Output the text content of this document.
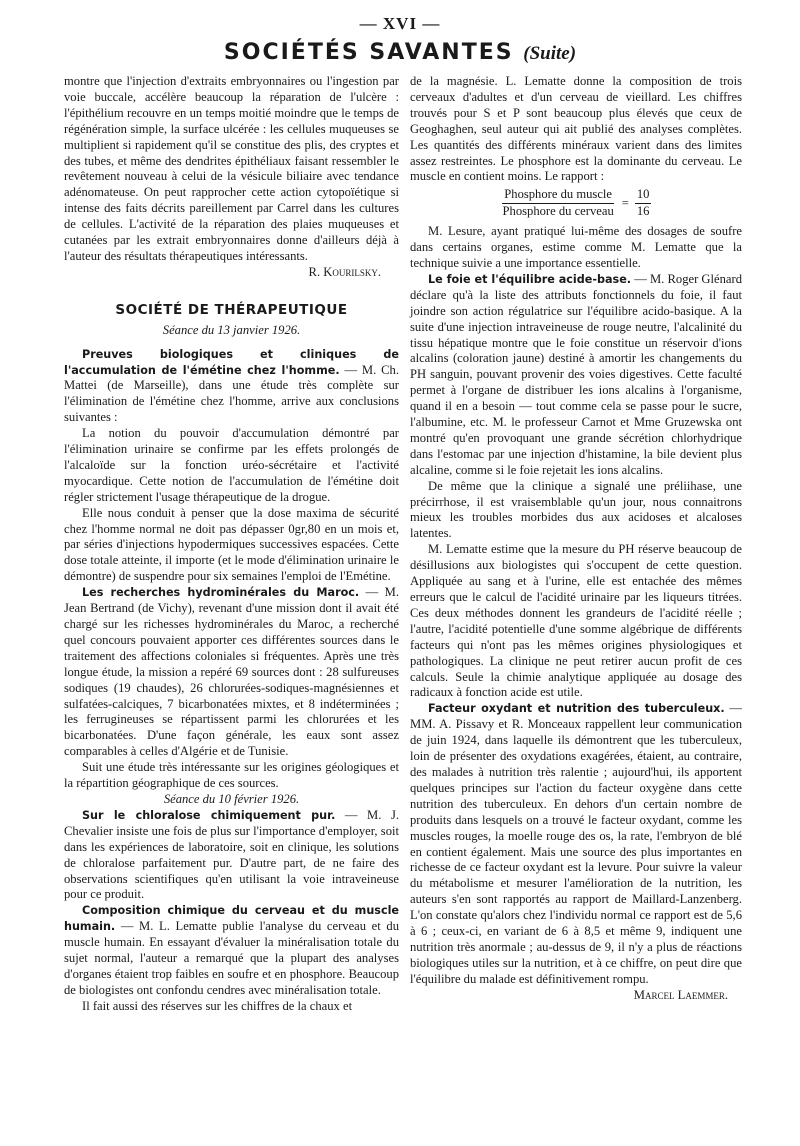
— XVI —
SOCIÉTÉS SAVANTES (Suite)

montre que l'injection d'extraits embryonnaires ou l'ingestion par voie buccale, accélère beaucoup la réparation de l'ulcère : l'épithélium recouvre en un temps moitié moindre que le temps de régénération simple, la surface ulcérée : les cellules muqueuses se multiplient si rapidement qu'il se constitue des plis, des cryptes et des tubes, et même des dendrites épithéliaux faisant ressembler le revêtement nouveau à celui de la vésicule biliaire avec tendance adénomateuse. On peut rapprocher cette action cytopoïétique si intense des faits décrits pareillement par Carrel dans les cultures de cellules. L'activité de la réparation des plaies muqueuses et cutanées par les extrait embryonnaires donne d'ailleurs déjà à l'auteur des résultats thérapeutiques intéressants.

R. Kourilsky.
SOCIÉTÉ DE THÉRAPEUTIQUE
Séance du 13 janvier 1926.

Preuves biologiques et cliniques de l'accumulation de l'émétine chez l'homme. — M. Ch. Mattei (de Marseille), dans une étude très complète sur l'élimination de l'émétine chez l'homme, arrive aux conclusions suivantes :

La notion du pouvoir d'accumulation démontré par l'élimination urinaire se confirme par les effets prolongés de l'alcaloïde sur la fonction uréo-sécrétaire et l'activité myocardique. Cette notion de l'accumulation de l'émétine doit régler strictement l'usage thérapeutique de la drogue.

Elle nous conduit à penser que la dose maxima de sécurité chez l'homme normal ne doit pas dépasser 0gr,80 en un mois et, par séries d'injections hypodermiques successives espacées. Cette dose totale atteinte, il importe (et le mode d'élimination urinaire le démontre) de suspendre pour six semaines l'emploi de l'Emétine.

Les recherches hydrominérales du Maroc. — M. Jean Bertrand (de Vichy), revenant d'une mission dont il avait été chargé sur les richesses hydrominérales du Maroc, a recherché quel concours pouvaient apporter ces différentes sources dans le traitement des affections coloniales si fréquentes. Après une très longue étude, la mission a repéré 69 sources dont : 28 sulfureuses sodiques (19 chaudes), 26 chlorurées-sodiques-magnésiennes et sulfatées-calciques, 7 bicarbonatées mixtes, et 8 indéterminées ; les ferrugineuses se répartissent parmi les chlorurées et les bicarbonatées. D'une façon générale, les eaux sont assez comparables à celles d'Algérie et de Tunisie.

Suit une étude très intéressante sur les origines géologiques et la répartition géographique de ces sources.

Séance du 10 février 1926.

Sur le chloralose chimiquement pur. — M. J. Chevalier insiste une fois de plus sur l'importance d'employer, soit dans les expériences de laboratoire, soit en clinique, les solutions de chloralose parfaitement pur. D'autre part, de ne faire des observations scientifiques qu'en utilisant la voie intraveineuse pour ce produit.

Composition chimique du cerveau et du muscle humain. — M. L. Lematte publie l'analyse du cerveau et du muscle humain. En essayant d'évaluer la minéralisation totale du sujet normal, l'auteur a remarqué que la plupart des analyses d'organes étaient trop faibles en soufre et en phosphore. Beaucoup de biologistes ont confondu cendres avec minéralisation totale.

Il fait aussi des réserves sur les chiffres de la chaux et

de la magnésie. L. Lematte donne la composition de trois cerveaux d'adultes et d'un cerveau de vieillard. Les chiffres trouvés pour S et P sont beaucoup plus élevés que ceux de Geoghaghen, seul auteur qui ait publié des analyses complètes. Les quantités des différents minéraux varient dans des limites assez restreintes. Le phosphore est la dominante du cerveau. Le muscle en contient moins. Le rapport :

Phosphore du muscle
Phosphore du cerveau
= $\frac{10}{16}$

M. Lesure, ayant pratiqué lui-même des dosages de soufre dans certains organes, estime comme M. Lematte que la technique suivie a une importance essentielle.

Le foie et l'équilibre acide-base. — M. Roger Glénard déclare qu'à la liste des attributs fonctionnels du foie, il faut joindre son action régulatrice sur l'équilibre acido-basique. A la suite d'une injection intraveineuse de rouge neutre, l'alcalinité du tissu hépatique montre que le foie constitue un réservoir d'ions alcalins (coloration jaune) destiné à amortir les changements du PH sanguin, pouvant provenir des voies digestives. Cette faculté permet à l'organe de distribuer les ions alcalins à l'organisme, quand il en a besoin — tout comme cela se passe pour le sucre, l'albumine, etc. M. le professeur Carnot et Mme Gruzewska ont montré qu'en provoquant une grande sécrétion chlorhydrique dans l'estomac par une injection d'histamine, la bile devient plus alcaline, comme si le foie rejetait les ions alcalins.

De même que la clinique a signalé une préliihase, une précirrhose, il est vraisemblable qu'un jour, nous connaitrons mieux les troubles morbides dus aux acidoses et alcaloses latentes.

M. Lematte estime que la mesure du PH réserve beaucoup de désillusions aux biologistes qui s'occupent de cette question. Appliquée au sang et à l'urine, elle est entachée des mêmes erreurs que le calcul de l'acidité urinaire par les liqueurs titrées. Ces deux méthodes donnent les grandeurs de l'acidité réelle ; l'autre, l'acidité potentielle d'une somme algébrique de différents facteurs qui n'ont pas les mêmes origines physiologiques et pathologiques. La clinique ne peut retirer aucun profit de ces calculs. Seule la chimie analytique appliquée au dosage des radicaux à fonction acide est utile.

Facteur oxydant et nutrition des tuberculeux. — MM. A. Pissavy et R. Monceaux rappellent leur communication de juin 1924, dans laquelle ils démontrent que les tuberculeux, loin de présenter des oxydations exagérées, étaient, au contraire, des malades à nutrition très ralentie ; aujourd'hui, ils apportent quelques principes sur l'action du facteur oxygène dans cette nutrition des tuberculeux. En dehors d'un certain nombre de produits dans lesquels on a trouvé le facteur oxydant, comme les muscles rouges, la moelle rouge des os, la rate, l'embryon de blé en contient également. Mais une source des plus importantes en richesse de ce facteur oxydant est la levure. Pour suivre la valeur du métabolisme et mesurer l'amélioration de la nutrition, les auteurs s'en sont rapportés au rapport de Maillard-Lanzenberg. L'on constate qu'alors chez l'individu normal ce rapport est de 5,6 à 6 ; ceux-ci, en variant de 6 à 8,5 et même 9, indiquent une nutrition très anormale ; au-dessus de 9, il n'y a plus de réactions biologiques utiles sur la nutrition, et à ce chiffre, on peut dire que l'équilibre du malade est définitivement rompu.

Marcel Laemmer.
